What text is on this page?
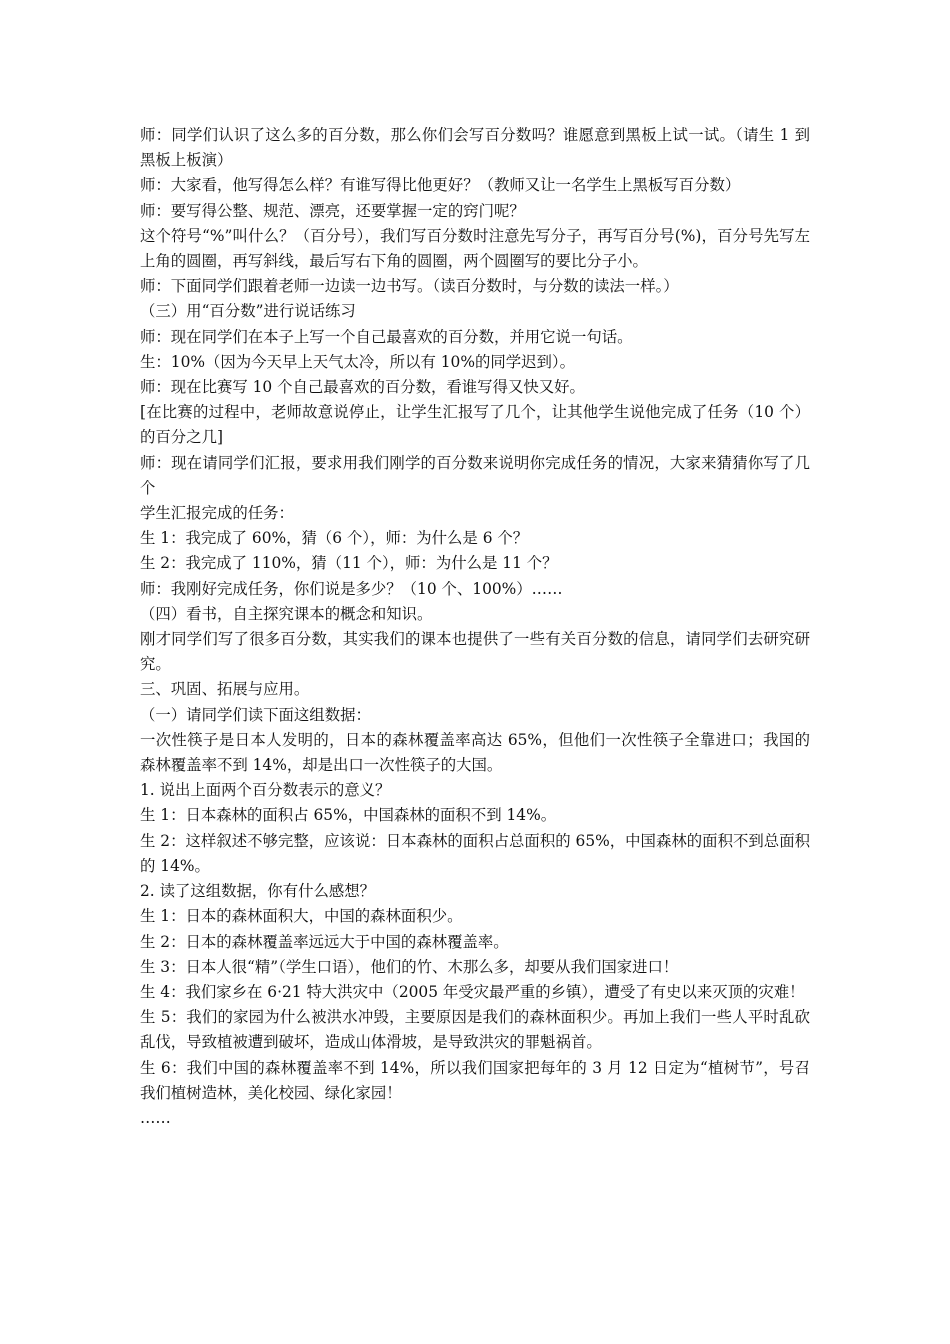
师：同学们认识了这么多的百分数，那么你们会写百分数吗？谁愿意到黑板上试一试。（请生 1 到黑板上板演）

师：大家看，他写得怎么样？有谁写得比他更好？（教师又让一名学生上黑板写百分数）

师：要写得公整、规范、漂亮，还要掌握一定的窍门呢？

这个符号“%”叫什么？（百分号），我们写百分数时注意先写分子，再写百分号(%)，百分号先写左上角的圆圈，再写斜线，最后写右下角的圆圈，两个圆圈写的要比分子小。

师：下面同学们跟着老师一边读一边书写。（读百分数时，与分数的读法一样。）

（三）用“百分数”进行说话练习

师：现在同学们在本子上写一个自己最喜欢的百分数，并用它说一句话。

生：10%（因为今天早上天气太冷，所以有 10%的同学迟到）。

师：现在比赛写 10 个自己最喜欢的百分数，看谁写得又快又好。

[在比赛的过程中，老师故意说停止，让学生汇报写了几个，让其他学生说他完成了任务（10 个）的百分之几]

师：现在请同学们汇报，要求用我们刚学的百分数来说明你完成任务的情况，大家来猜猜你写了几个

学生汇报完成的任务：

生 1：我完成了 60%，猜（6 个），师：为什么是 6 个？

生 2：我完成了 110%，猜（11 个），师：为什么是 11 个？

师：我刚好完成任务，你们说是多少？（10 个、100%）……

（四）看书，自主探究课本的概念和知识。

刚才同学们写了很多百分数，其实我们的课本也提供了一些有关百分数的信息，请同学们去研究研究。

三、巩固、拓展与应用。

（一）请同学们读下面这组数据：

一次性筷子是日本人发明的，日本的森林覆盖率高达 65%，但他们一次性筷子全靠进口；我国的森林覆盖率不到 14%，却是出口一次性筷子的大国。

1. 说出上面两个百分数表示的意义？

生 1：日本森林的面积占 65%，中国森林的面积不到 14%。

生 2：这样叙述不够完整，应该说：日本森林的面积占总面积的 65%，中国森林的面积不到总面积的 14%。

2. 读了这组数据，你有什么感想？

生 1：日本的森林面积大，中国的森林面积少。

生 2：日本的森林覆盖率远远大于中国的森林覆盖率。

生 3：日本人很“精”（学生口语），他们的竹、木那么多，却要从我们国家进口！

生 4：我们家乡在 6·21 特大洪灾中（2005 年受灾最严重的乡镇），遭受了有史以来灭顶的灾难！

生 5：我们的家园为什么被洪水冲毁，主要原因是我们的森林面积少。再加上我们一些人平时乱砍乱伐，导致植被遭到破坏，造成山体滑坡，是导致洪灾的罪魁祸首。

生 6：我们中国的森林覆盖率不到 14%，所以我们国家把每年的 3 月 12 日定为“植树节”，号召我们植树造林，美化校园、绿化家园！

……
